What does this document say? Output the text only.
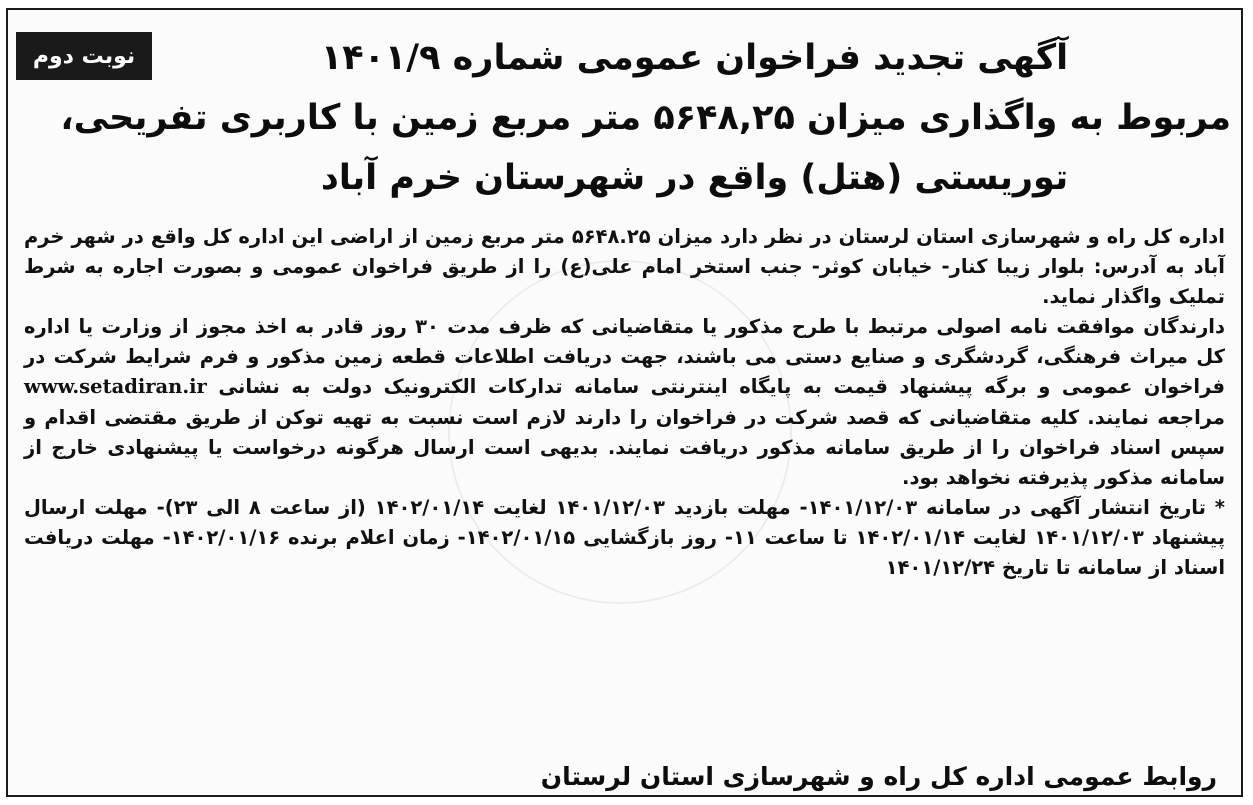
نوبت دوم	آگهی تجدید فراخوان عمومی شماره ۱۴۰۱/۹
مربوط به واگذاری میزان ۵۶۴۸,۲۵ متر مربع زمین با کاربری تفریحی،
توریستی (هتل) واقع در شهرستان خرم آباد

اداره کل راه و شهرسازی استان لرستان در نظر دارد میزان ۵۶۴۸.۲۵ متر مربع زمین از اراضی این اداره کل واقع در شهر خرم آباد به آدرس: بلوار زیبا کنار- خیابان کوثر- جنب استخر امام علی(ع) را از طریق فراخوان عمومی و بصورت اجاره به شرط تملیک واگذار نماید.

دارندگان موافقت نامه اصولی مرتبط با طرح مذکور یا متقاضیانی که ظرف مدت ۳۰ روز قادر به اخذ مجوز از وزارت یا اداره کل میراث فرهنگی، گردشگری و صنایع دستی می باشند، جهت دریافت اطلاعات قطعه زمین مذکور و فرم شرایط شرکت در فراخوان عمومی و برگه پیشنهاد قیمت به پایگاه اینترنتی سامانه تدارکات الکترونیک دولت به نشانی www.setadiran.ir مراجعه نمایند. کلیه متقاضیانی که قصد شرکت در فراخوان را دارند لازم است نسبت به تهیه توکن از طریق مقتضی اقدام و سپس اسناد فراخوان را از طریق سامانه مذکور دریافت نمایند. بدیهی است ارسال هرگونه درخواست یا پیشنهادی خارج از سامانه مذکور پذیرفته نخواهد بود.

* تاریخ انتشار آگهی در سامانه ۱۴۰۱/۱۲/۰۳- مهلت بازدید ۱۴۰۱/۱۲/۰۳ لغایت ۱۴۰۲/۰۱/۱۴ (از ساعت ۸ الی ۲۳)- مهلت ارسال پیشنهاد ۱۴۰۱/۱۲/۰۳ لغایت ۱۴۰۲/۰۱/۱۴ تا ساعت ۱۱- روز بازگشایی ۱۴۰۲/۰۱/۱۵- زمان اعلام برنده ۱۴۰۲/۰۱/۱۶- مهلت دریافت اسناد از سامانه تا تاریخ ۱۴۰۱/۱۲/۲۴

روابط عمومی اداره کل راه و شهرسازی استان لرستان
